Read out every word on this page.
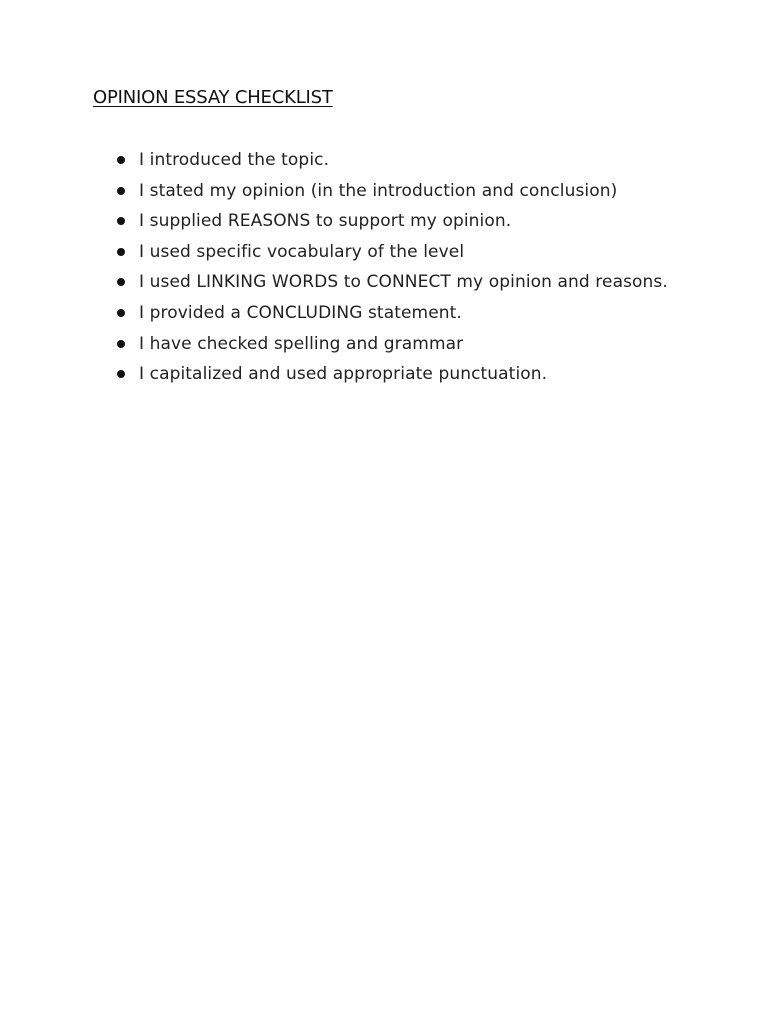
OPINION ESSAY CHECKLIST
I introduced the topic.
I stated my opinion (in the introduction and conclusion)
I supplied REASONS to support my opinion.
I used specific vocabulary of the level
I used LINKING WORDS to CONNECT my opinion and reasons.
I provided a CONCLUDING statement.
I have checked spelling and grammar
I capitalized and used appropriate punctuation.
